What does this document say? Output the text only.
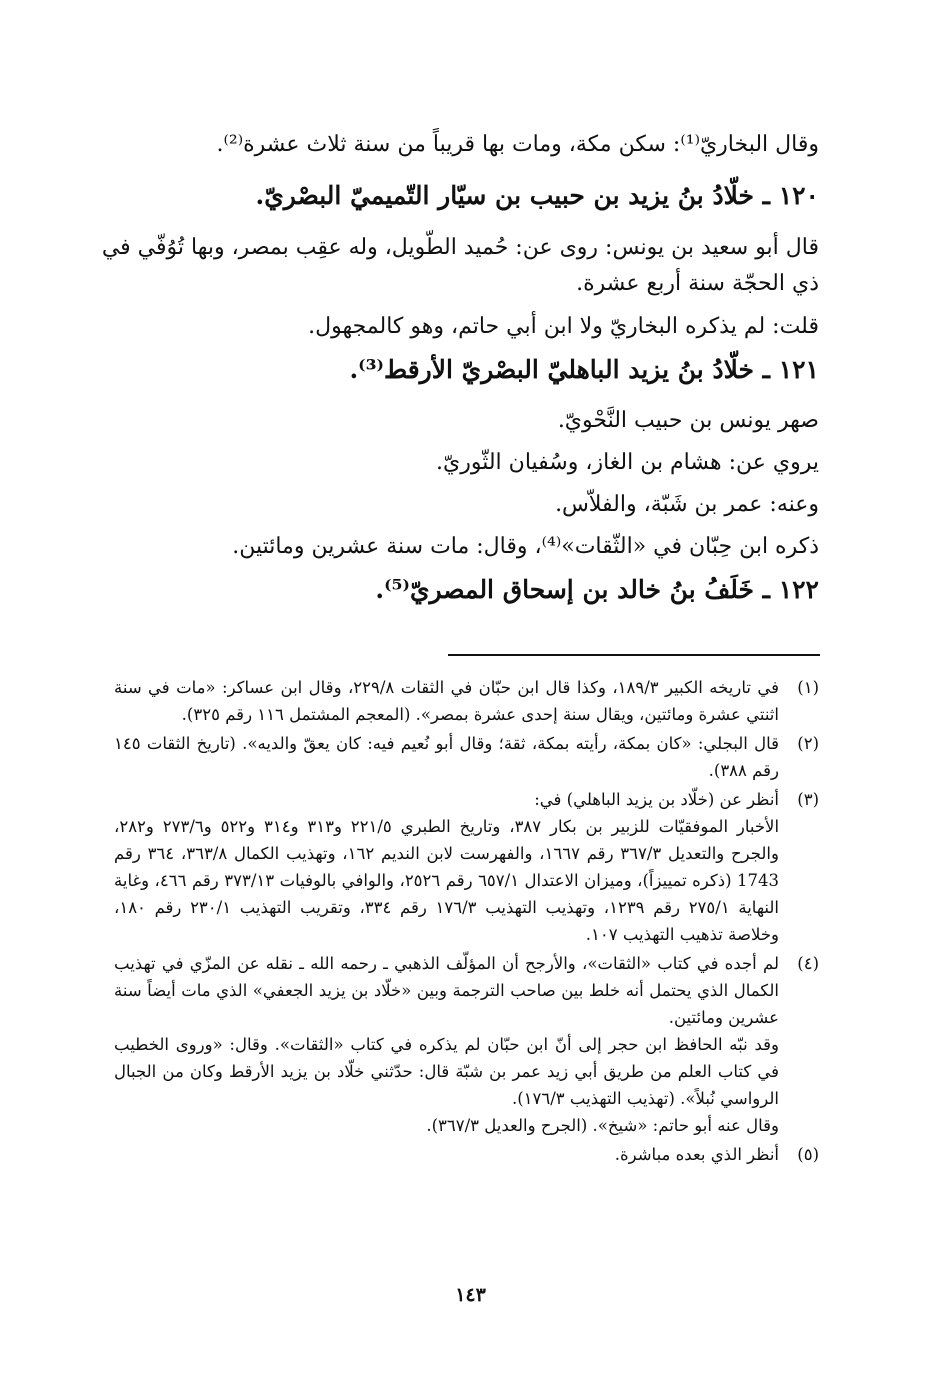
وقال البخاريّ⁽¹⁾: سكن مكة، ومات بها قريباً من سنة ثلاث عشرة⁽²⁾.
١٢٠ ـ خلّادُ بنُ يزيد بن حبيب بن سيّار التّميميّ البصْريّ.
قال أبو سعيد بن يونس: روى عن: حُميد الطّويل، وله عقِب بمصر، وبها تُوُفّي في ذي الحجّة سنة أربع عشرة.
قلت: لم يذكره البخاريّ ولا ابن أبي حاتم، وهو كالمجهول.
١٢١ ـ خلّادُ بنُ يزيد الباهليّ البصْريّ الأرقط⁽³⁾.
صهر يونس بن حبيب النَّحْويّ.
يروي عن: هشام بن الغاز، وسُفيان الثّوريّ.
وعنه: عمر بن شَبّة، والفلاّس.
ذكره ابن حِبّان في «الثّقات»⁽⁴⁾، وقال: مات سنة عشرين ومائتين.
١٢٢ ـ خَلَفُ بنُ خالد بن إسحاق المصريّ⁽⁵⁾.
(١)
في تاريخه الكبير ١٨٩/٣، وكذا قال ابن حبّان في الثقات ٢٢٩/٨، وقال ابن عساكر: «مات في سنة اثنتي عشرة ومائتين، ويقال سنة إحدى عشرة بمصر». (المعجم المشتمل ١١٦ رقم ٣٢٥).
(٢)
قال البجلي: «كان بمكة، رأيته بمكة، ثقة؛ وقال أبو نُعيم فيه: كان يعقّ والديه». (تاريخ الثقات ١٤٥ رقم ٣٨٨).
(٣)
أنظر عن (خلّاد بن يزيد الباهلي) في:
الأخبار الموفقيّات للزبير بن بكار ٣٨٧، وتاريخ الطبري ٢٢١/٥ و٣١٣ و٣١٤ و٥٢٢ و٢٧٣/٦ و٢٨٢، والجرح والتعديل ٣٦٧/٣ رقم ١٦٦٧، والفهرست لابن النديم ١٦٢، وتهذيب الكمال ٣٦٣/٨، ٣٦٤ رقم 1743 (ذكره تمييزاً)، وميزان الاعتدال ٦٥٧/١ رقم ٢٥٢٦، والوافي بالوفيات ٣٧٣/١٣ رقم ٤٦٦، وغاية النهاية ٢٧٥/١ رقم ١٢٣٩، وتهذيب التهذيب ١٧٦/٣ رقم ٣٣٤، وتقريب التهذيب ٢٣٠/١ رقم ١٨٠، وخلاصة تذهيب التهذيب ١٠٧.
(٤)
لم أجده في كتاب «الثقات»، والأرجح أن المؤلّف الذهبي ـ رحمه الله ـ نقله عن المزّي في تهذيب الكمال الذي يحتمل أنه خلط بين صاحب الترجمة وبين «خلّاد بن يزيد الجعفي» الذي مات أيضاً سنة عشرين ومائتين.
وقد نبّه الحافظ ابن حجر إلى أنّ ابن حبّان لم يذكره في كتاب «الثقات». وقال: «وروى الخطيب في كتاب العلم من طريق أبي زيد عمر بن شبّة قال: حدّثني خلّاد بن يزيد الأرقط وكان من الجبال الرواسي نُبلاً». (تهذيب التهذيب ١٧٦/٣).
وقال عنه أبو حاتم: «شيخ». (الجرح والعديل ٣٦٧/٣).
(٥)
أنظر الذي بعده مباشرة.
١٤٣
